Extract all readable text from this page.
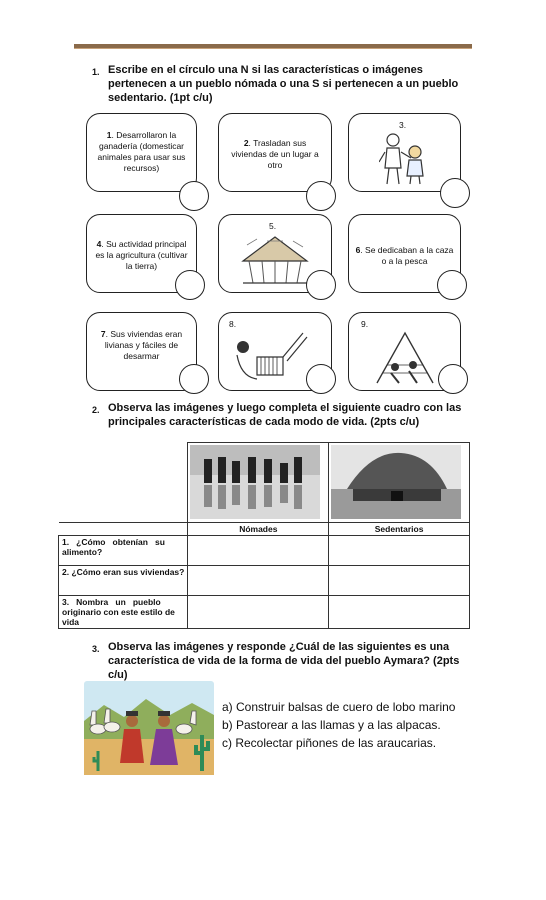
1. Escribe en el círculo una N si las características o imágenes pertenecen a un pueblo nómada o una S si pertenecen a un pueblo sedentario. (1pt c/u)
1. Desarrollaron la ganadería (domesticar animales para usar sus recursos)
2. Trasladan sus viviendas de un lugar a otro
3.
4. Su actividad principal es la agricultura (cultivar la tierra)
5.
6. Se dedicaban a la caza o a la pesca
7. Sus viviendas eran livianas y fáciles de desarmar
8.	9.
2. Observa las imágenes y luego completa el siguiente cuadro con las principales características de cada modo de vida. (2pts c/u)

	Nómades	Sedentarios
1.   ¿Cómo   obtenían   su alimento?		
2. ¿Cómo eran sus viviendas?		
3.   Nombra   un   pueblo originario con este estilo de vida		
3. Observa las imágenes y responde ¿Cuál de las siguientes es una característica de vida de la forma de vida del pueblo Aymara? (2pts c/u)
a) Construir balsas de cuero de lobo marino
b) Pastorear a las llamas y a las alpacas.
c) Recolectar piñones de las araucarias.
